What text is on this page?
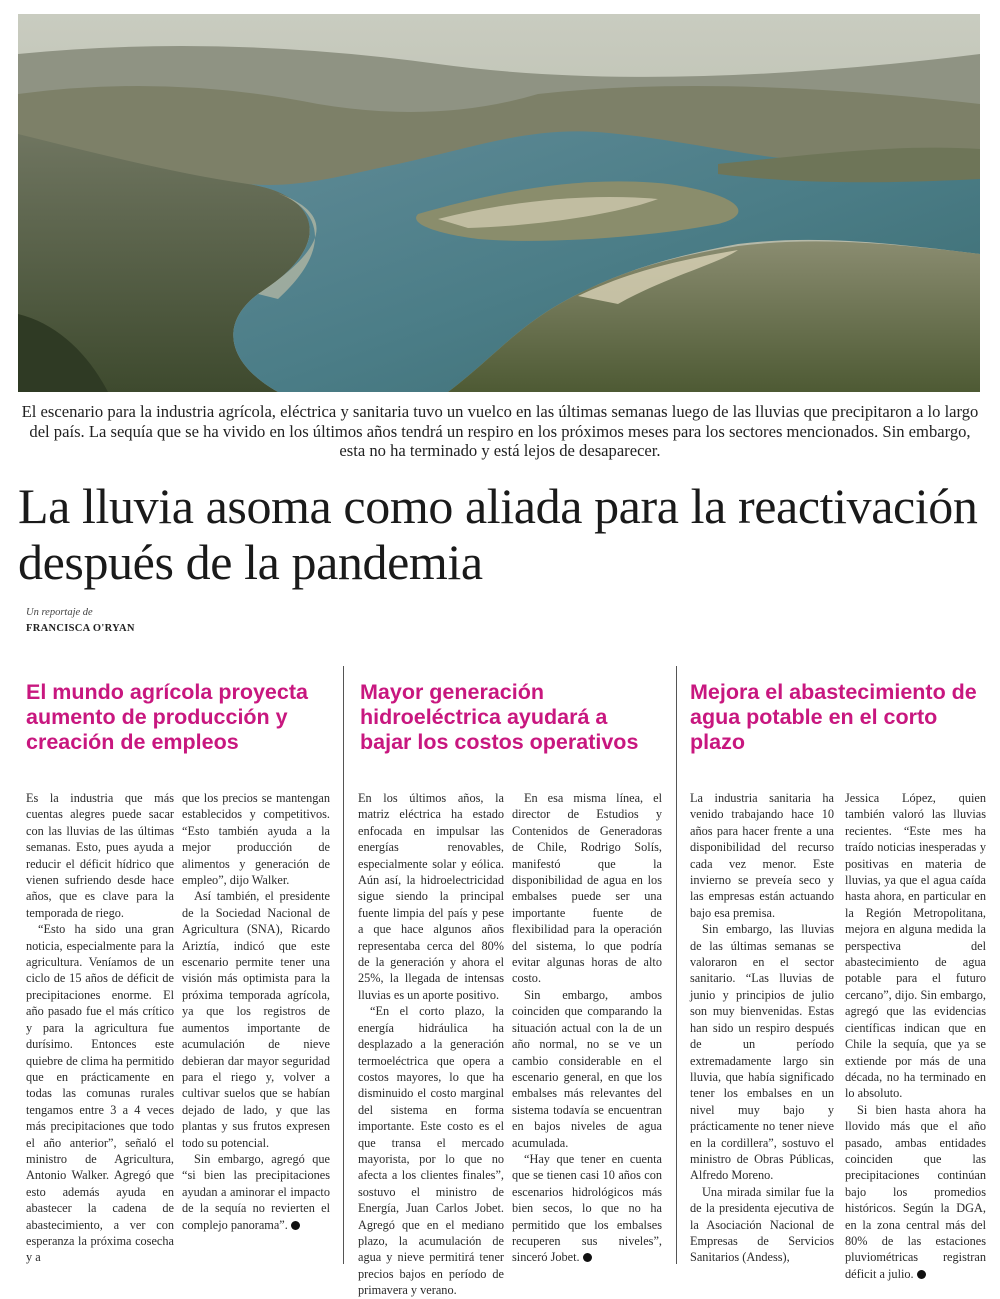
El escenario para la industria agrícola, eléctrica y sanitaria tuvo un vuelco en las últimas semanas luego de las lluvias que precipitaron a lo largo del país. La sequía que se ha vivido en los últimos años tendrá un respiro en los próximos meses para los sectores mencionados. Sin embargo, esta no ha terminado y está lejos de desaparecer.
La lluvia asoma como aliada para la reactivación después de la pandemia
Un reportaje de
FRANCISCA O'RYAN
El mundo agrícola proyecta aumento de producción y creación de empleos
Mayor generación hidroeléctrica ayudará a bajar los costos operativos
Mejora el abastecimiento de agua potable en el corto plazo

Es la industria que más cuentas alegres puede sacar con las lluvias de las últimas semanas. Esto, pues ayuda a reducir el déficit hídrico que vienen sufriendo desde hace años, que es clave para la temporada de riego.

“Esto ha sido una gran noticia, especialmente para la agricultura. Veníamos de un ciclo de 15 años de déficit de precipitaciones enorme. El año pasado fue el más crítico y para la agricultura fue durísimo. Entonces este quiebre de clima ha permitido que en prácticamente en todas las comunas rurales tengamos entre 3 a 4 veces más precipitaciones que todo el año anterior”, señaló el ministro de Agricultura, Antonio Walker. Agregó que esto además ayuda en abastecer la cadena de abastecimiento, a ver con esperanza la próxima cosecha y a

que los precios se mantengan establecidos y competitivos. “Esto también ayuda a la mejor producción de alimentos y generación de empleo”, dijo Walker.

Así también, el presidente de la Sociedad Nacional de Agricultura (SNA), Ricardo Ariztía, indicó que este escenario permite tener una visión más optimista para la próxima temporada agrícola, ya que los registros de aumentos importante de acumulación de nieve debieran dar mayor seguridad para el riego y, volver a cultivar suelos que se habían dejado de lado, y que las plantas y sus frutos expresen todo su potencial.

Sin embargo, agregó que “si bien las precipitaciones ayudan a aminorar el impacto de la sequía no revierten el complejo panorama”.

En los últimos años, la matriz eléctrica ha estado enfocada en impulsar las energías renovables, especialmente solar y eólica. Aún así, la hidroelectricidad sigue siendo la principal fuente limpia del país y pese a que hace algunos años representaba cerca del 80% de la generación y ahora el 25%, la llegada de intensas lluvias es un aporte positivo.

“En el corto plazo, la energía hidráulica ha desplazado a la generación termoeléctrica que opera a costos mayores, lo que ha disminuido el costo marginal del sistema en forma importante. Este costo es el que transa el mercado mayorista, por lo que no afecta a los clientes finales”, sostuvo el ministro de Energía, Juan Carlos Jobet. Agregó que en el mediano plazo, la acumulación de agua y nieve permitirá tener precios bajos en período de primavera y verano.

En esa misma línea, el director de Estudios y Contenidos de Generadoras de Chile, Rodrigo Solís, manifestó que la disponibilidad de agua en los embalses puede ser una importante fuente de flexibilidad para la operación del sistema, lo que podría evitar algunas horas de alto costo.

Sin embargo, ambos coinciden que comparando la situación actual con la de un año normal, no se ve un cambio considerable en el escenario general, en que los embalses más relevantes del sistema todavía se encuentran en bajos niveles de agua acumulada.

“Hay que tener en cuenta que se tienen casi 10 años con escenarios hidrológicos más bien secos, lo que no ha permitido que los embalses recuperen sus niveles”, sinceró Jobet.

La industria sanitaria ha venido trabajando hace 10 años para hacer frente a una disponibilidad del recurso cada vez menor. Este invierno se preveía seco y las empresas están actuando bajo esa premisa.

Sin embargo, las lluvias de las últimas semanas se valoraron en el sector sanitario. “Las lluvias de junio y principios de julio son muy bienvenidas. Estas han sido un respiro después de un período extremadamente largo sin lluvia, que había significado tener los embalses en un nivel muy bajo y prácticamente no tener nieve en la cordillera”, sostuvo el ministro de Obras Públicas, Alfredo Moreno.

Una mirada similar fue la de la presidenta ejecutiva de la Asociación Nacional de Empresas de Servicios Sanitarios (Andess),

Jessica López, quien también valoró las lluvias recientes. “Este mes ha traído noticias inesperadas y positivas en materia de lluvias, ya que el agua caída hasta ahora, en particular en la Región Metropolitana, mejora en alguna medida la perspectiva del abastecimiento de agua potable para el futuro cercano”, dijo. Sin embargo, agregó que las evidencias científicas indican que en Chile la sequía, que ya se extiende por más de una década, no ha terminado en lo absoluto.

Si bien hasta ahora ha llovido más que el año pasado, ambas entidades coinciden que las precipitaciones continúan bajo los promedios históricos. Según la DGA, en la zona central más del 80% de las estaciones pluviométricas registran déficit a julio.
